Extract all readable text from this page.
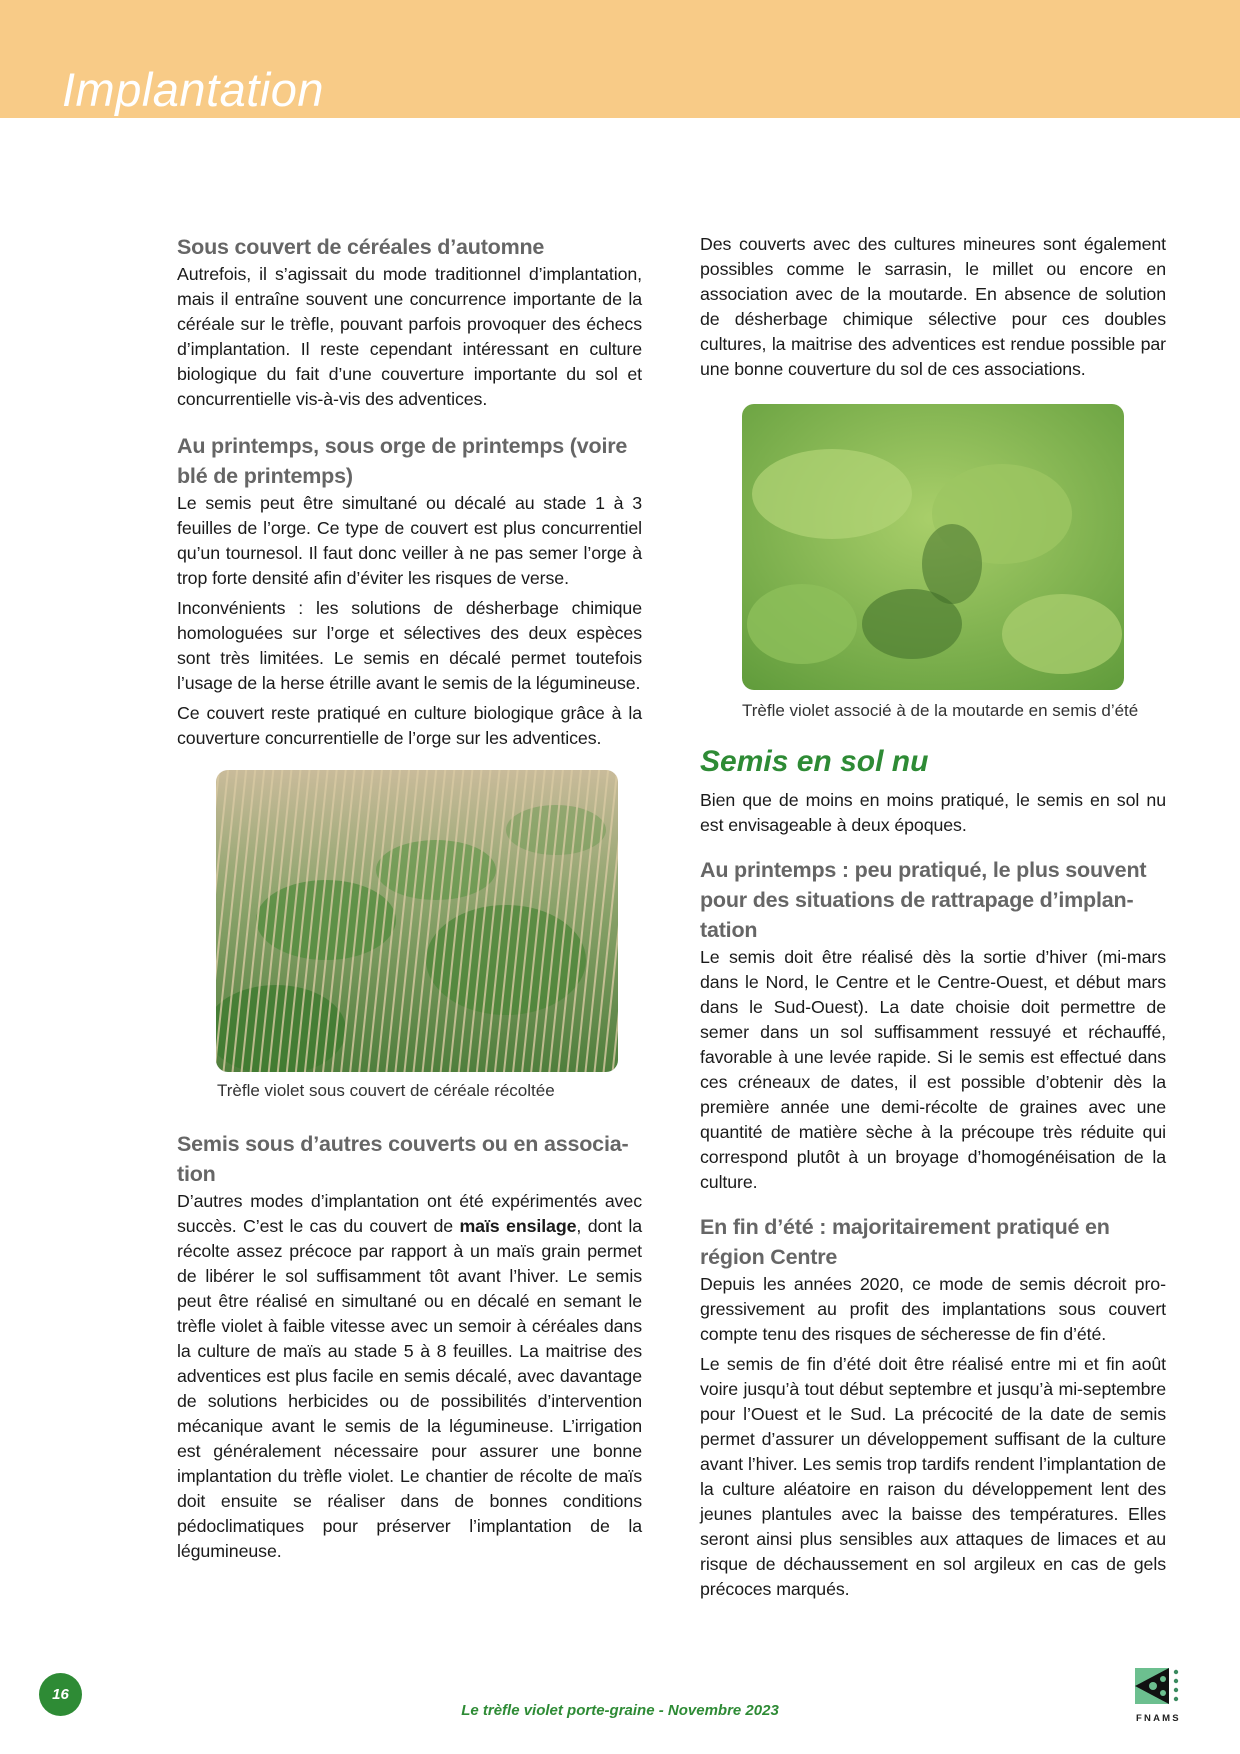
Implantation
Sous couvert de céréales d’automne

Autrefois, il s’agissait du mode traditionnel d’implantation, mais il entraîne souvent une concurrence importante de la céréale sur le trèfle, pouvant parfois provoquer des échecs d’implantation. Il reste cependant intéressant en culture biologique du fait d’une couverture importante du sol et concurrentielle vis-à-vis des adventices.

Au printemps, sous orge de printemps (voire blé de printemps)

Le semis peut être simultané ou décalé au stade 1 à 3 feuilles de l’orge. Ce type de couvert est plus concurrentiel qu’un tournesol. Il faut donc veiller à ne pas semer l’orge à trop forte densité afin d’éviter les risques de verse.

Inconvénients : les solutions de désherbage chimique homologuées sur l’orge et sélectives des deux espèces sont très limitées. Le semis en décalé permet toutefois l’usage de la herse étrille avant le semis de la légumineuse.

Ce couvert reste pratiqué en culture biologique grâce à la couverture concurrentielle de l’orge sur les adventices.

Trèfle violet sous couvert de céréale récoltée
Semis sous d’autres couverts ou en association

D’autres modes d’implantation ont été expérimentés avec succès. C’est le cas du couvert de maïs ensilage, dont la récolte assez précoce par rapport à un maïs grain permet de libérer le sol suffisamment tôt avant l’hiver. Le semis peut être réalisé en simultané ou en décalé en semant le trèfle violet à faible vitesse avec un semoir à céréales dans la culture de maïs au stade 5 à 8 feuilles. La maitrise des adventices est plus facile en semis décalé, avec davantage de solutions herbicides ou de possibilités d’intervention mécanique avant le semis de la légumineuse. L’irrigation est généralement nécessaire pour assurer une bonne implantation du trèfle violet. Le chantier de récolte de maïs doit ensuite se réaliser dans de bonnes conditions pédoclimatiques pour préserver l’implantation de la légumineuse.

Des couverts avec des cultures mineures sont également possibles comme le sarrasin, le millet ou encore en association avec de la moutarde. En absence de solution de désherbage chimique sélective pour ces doubles cultures, la maitrise des adventices est rendue possible par une bonne couverture du sol de ces associations.

Trèfle violet associé à de la moutarde en semis d’été
Semis en sol nu

Bien que de moins en moins pratiqué, le semis en sol nu est envisageable à deux époques.

Au printemps : peu pratiqué, le plus souvent pour des situations de rattrapage d’implantation

Le semis doit être réalisé dès la sortie d’hiver (mi-mars dans le Nord, le Centre et le Centre-Ouest, et début mars dans le Sud-Ouest). La date choisie doit permettre de semer dans un sol suffisamment ressuyé et réchauffé, favorable à une levée rapide. Si le semis est effectué dans ces créneaux de dates, il est possible d’obtenir dès la première année une demi-récolte de graines avec une quantité de matière sèche à la précoupe très réduite qui correspond plutôt à un broyage d’homogénéisation de la culture.

En fin d’été : majoritairement pratiqué en région Centre

Depuis les années 2020, ce mode de semis décroit progressivement au profit des implantations sous couvert compte tenu des risques de sécheresse de fin d’été.

Le semis de fin d’été doit être réalisé entre mi et fin août voire jusqu’à tout début septembre et jusqu’à mi-septembre pour l’Ouest et le Sud. La précocité de la date de semis permet d’assurer un développement suffisant de la culture avant l’hiver. Les semis trop tardifs rendent l’implantation de la culture aléatoire en raison du développement lent des jeunes plantules avec la baisse des températures. Elles seront ainsi plus sensibles aux attaques de limaces et au risque de déchaussement en sol argileux en cas de gels précoces marqués.

16
Le trèfle violet porte-graine - Novembre 2023	FNAMS
